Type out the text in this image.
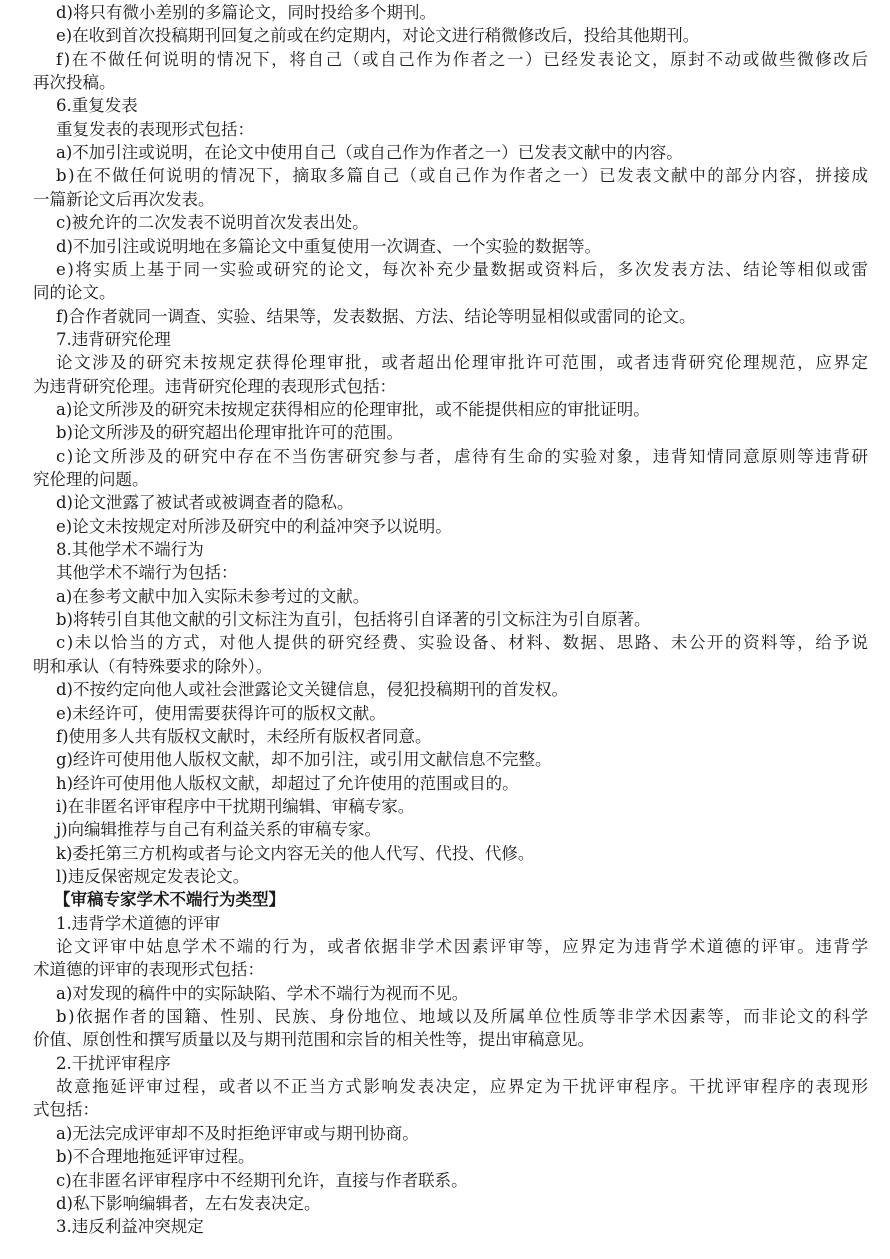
d)将只有微小差别的多篇论文，同时投给多个期刊。
e)在收到首次投稿期刊回复之前或在约定期内，对论文进行稍微修改后，投给其他期刊。
f)在不做任何说明的情况下，将自己（或自己作为作者之一）已经发表论文，原封不动或做些微修改后
再次投稿。
6.重复发表
重复发表的表现形式包括：
a)不加引注或说明，在论文中使用自己（或自己作为作者之一）已发表文献中的内容。
b)在不做任何说明的情况下，摘取多篇自己（或自己作为作者之一）已发表文献中的部分内容，拼接成
一篇新论文后再次发表。
c)被允许的二次发表不说明首次发表出处。
d)不加引注或说明地在多篇论文中重复使用一次调查、一个实验的数据等。
e)将实质上基于同一实验或研究的论文，每次补充少量数据或资料后，多次发表方法、结论等相似或雷
同的论文。
f)合作者就同一调查、实验、结果等，发表数据、方法、结论等明显相似或雷同的论文。
7.违背研究伦理
论文涉及的研究未按规定获得伦理审批，或者超出伦理审批许可范围，或者违背研究伦理规范，应界定
为违背研究伦理。违背研究伦理的表现形式包括：
a)论文所涉及的研究未按规定获得相应的伦理审批，或不能提供相应的审批证明。
b)论文所涉及的研究超出伦理审批许可的范围。
c)论文所涉及的研究中存在不当伤害研究参与者，虐待有生命的实验对象，违背知情同意原则等违背研
究伦理的问题。
d)论文泄露了被试者或被调查者的隐私。
e)论文未按规定对所涉及研究中的利益冲突予以说明。
8.其他学术不端行为
其他学术不端行为包括：
a)在参考文献中加入实际未参考过的文献。
b)将转引自其他文献的引文标注为直引，包括将引自译著的引文标注为引自原著。
c)未以恰当的方式，对他人提供的研究经费、实验设备、材料、数据、思路、未公开的资料等，给予说
明和承认（有特殊要求的除外）。
d)不按约定向他人或社会泄露论文关键信息，侵犯投稿期刊的首发权。
e)未经许可，使用需要获得许可的版权文献。
f)使用多人共有版权文献时，未经所有版权者同意。
g)经许可使用他人版权文献，却不加引注，或引用文献信息不完整。
h)经许可使用他人版权文献，却超过了允许使用的范围或目的。
i)在非匿名评审程序中干扰期刊编辑、审稿专家。
j)向编辑推荐与自己有利益关系的审稿专家。
k)委托第三方机构或者与论文内容无关的他人代写、代投、代修。
l)违反保密规定发表论文。
【审稿专家学术不端行为类型】
1.违背学术道德的评审
论文评审中姑息学术不端的行为，或者依据非学术因素评审等，应界定为违背学术道德的评审。违背学
术道德的评审的表现形式包括：
a)对发现的稿件中的实际缺陷、学术不端行为视而不见。
b)依据作者的国籍、性别、民族、身份地位、地域以及所属单位性质等非学术因素等，而非论文的科学
价值、原创性和撰写质量以及与期刊范围和宗旨的相关性等，提出审稿意见。
2.干扰评审程序
故意拖延评审过程，或者以不正当方式影响发表决定，应界定为干扰评审程序。干扰评审程序的表现形
式包括：
a)无法完成评审却不及时拒绝评审或与期刊协商。
b)不合理地拖延评审过程。
c)在非匿名评审程序中不经期刊允许，直接与作者联系。
d)私下影响编辑者，左右发表决定。
3.违反利益冲突规定
